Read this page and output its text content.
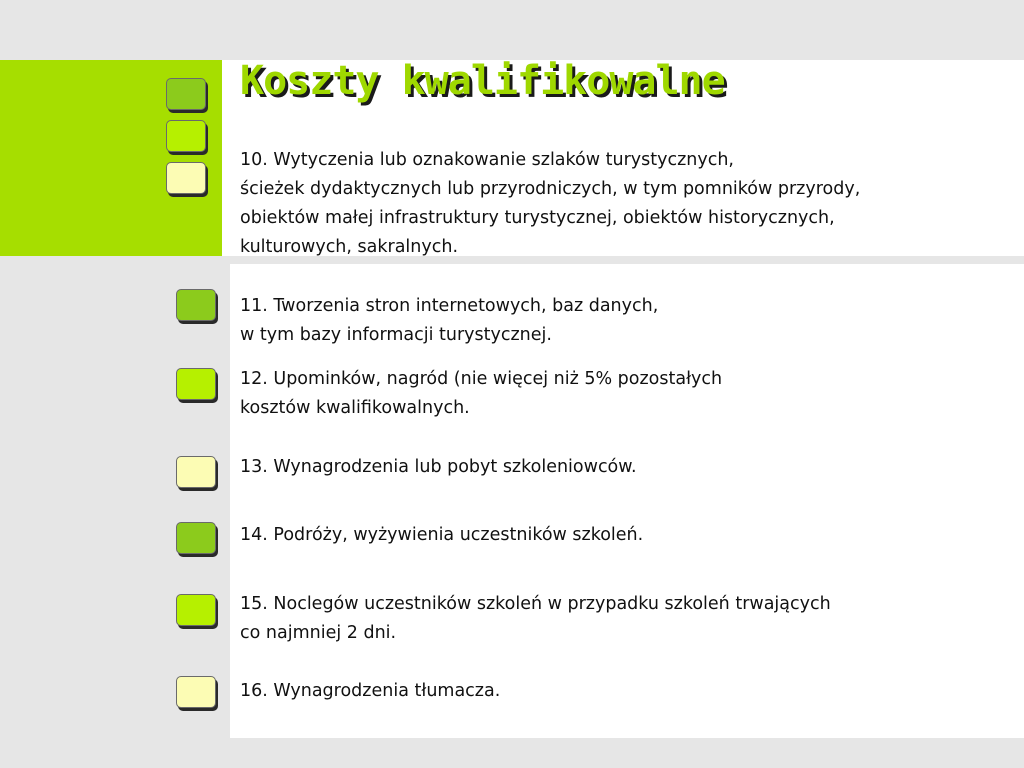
Koszty kwalifikowalne

10. Wytyczenia lub oznakowanie szlaków turystycznych,
ścieżek dydaktycznych lub przyrodniczych, w tym pomników przyrody,
obiektów małej infrastruktury turystycznej, obiektów historycznych,
kulturowych, sakralnych.

11. Tworzenia stron internetowych, baz danych,
w tym bazy informacji turystycznej.

12. Upominków, nagród (nie więcej niż 5% pozostałych
kosztów kwalifikowalnych.

13. Wynagrodzenia lub pobyt szkoleniowców.

14. Podróży, wyżywienia uczestników szkoleń.

15. Noclegów uczestników szkoleń w przypadku szkoleń trwających
co najmniej 2 dni.

16. Wynagrodzenia tłumacza.
